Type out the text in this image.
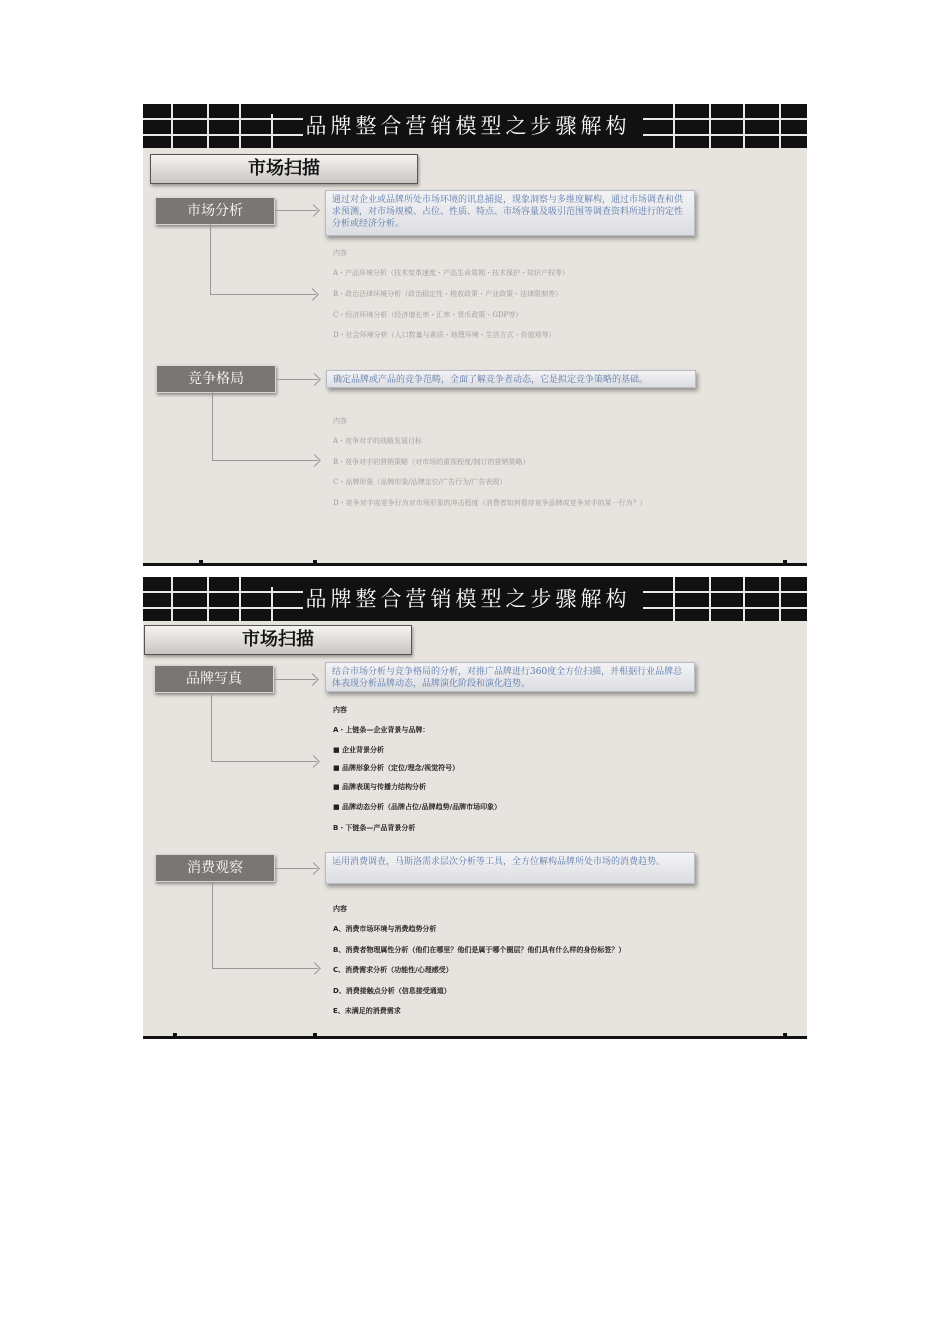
品牌整合营销模型之步骤解构
市场扫描
市场分析
通过对企业或品牌所处市场环境的讯息捕捉，现象洞察与多维度解构，通过市场调查和供求预测，对市场规模、占位、性质、特点、市场容量及吸引范围等调查资料所进行的定性分析或经济分析。
内容
A・产品环境分析（技术变革速度・产品生命周期・技术保护・知识产权等）
B・政治法律环境分析（政治稳定性・税收政策・产业政策・法律限制等）
C・经济环境分析（经济增长率・汇率・货币政策・GDP等）
D・社会环境分析（人口数量与素质・地理环境・生活方式・价值观等）
竞争格局	确定品牌或产品的竞争范畴，全面了解竞争者动态，它是拟定竞争策略的基础。
内容
A・竞争对手的战略发展目标
B・竞争对手的营销策略（对市场的重视程度/制订的营销策略）
C・品牌形象（品牌形象/品牌定位/广告行为/广告表现）
D・竞争对手或竞争行为对市场形象的冲击程度（消费者如何看待竞争品牌或竞争对手的某一行为？）
品牌整合营销模型之步骤解构
市场扫描
品牌写真	结合市场分析与竞争格局的分析，对推广品牌进行360度全方位扫描，并根据行业品牌总体表现分析品牌动态，品牌演化阶段和演化趋势。
内容
A・上链条—企业背景与品牌：
■ 企业背景分析
■ 品牌形象分析（定位/理念/视觉符号）
■ 品牌表现与传播力结构分析
■ 品牌动态分析（品牌占位/品牌趋势/品牌市场印象）
B・下链条—产品背景分析
消费观察	运用消费调查，马斯洛需求层次分析等工具，全方位解构品牌所处市场的消费趋势。
内容
A、消费市场环境与消费趋势分析
B、消费者物理属性分析（他们在哪里？他们是属于哪个圈层？他们具有什么样的身份标签？）
C、消费需求分析（功能性/心理感受）
D、消费接触点分析（信息接受通道）
E、未满足的消费需求
